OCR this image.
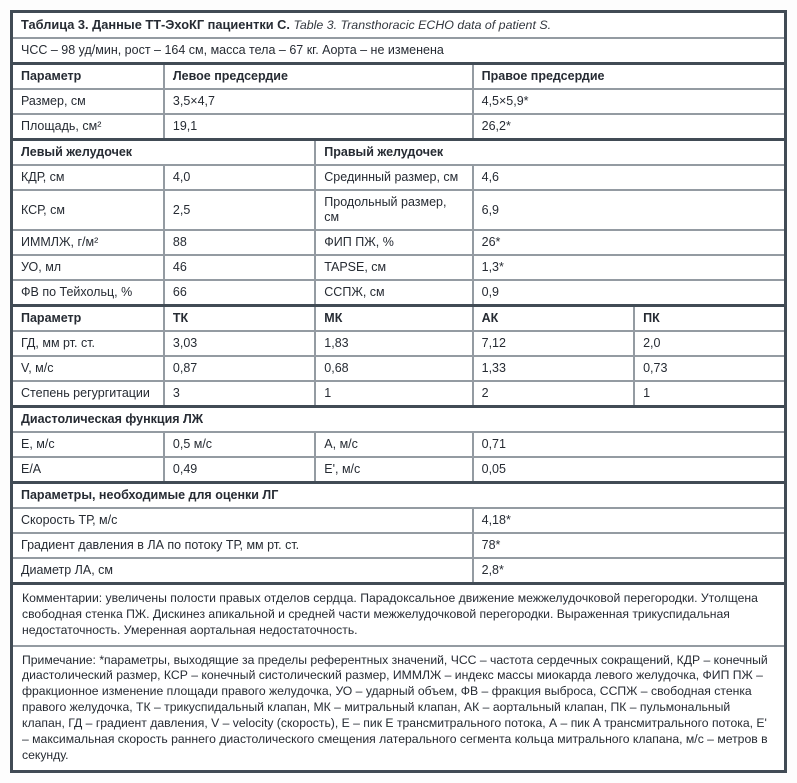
Таблица 3. Данные ТТ-ЭхоКГ пациентки С. Table 3. Transthoracic ECHO data of patient S.				
ЧСС – 98 уд/мин, рост – 164 см, масса тела – 67 кг. Аорта – не изменена				
Параметр	Левое предсердие		Правое предсердие	
Размер, см	3,5×4,7		4,5×5,9*	
Площадь, см²	19,1		26,2*	
Левый желудочек		Правый желудочек		
КДР, см	4,0	Срединный размер, см	4,6	
КСР, см	2,5	Продольный размер, см	6,9	
ИММЛЖ, г/м²	88	ФИП ПЖ, %	26*	
УО, мл	46	TAPSE, см	1,3*	
ФВ по Тейхольц, %	66	ССПЖ, см	0,9	
Параметр	ТК	МК	АК	ПК
ГД, мм рт. ст.	3,03	1,83	7,12	2,0
V, м/с	0,87	0,68	1,33	0,73
Степень регургитации	3	1	2	1
Диастолическая функция ЛЖ				
Е, м/с	0,5 м/с	А, м/с	0,71	
Е/А	0,49	Е', м/с	0,05	
Параметры, необходимые для оценки ЛГ				
Скорость ТР, м/с			4,18*	
Градиент давления в ЛА по потоку ТР, мм рт. ст.			78*	
Диаметр ЛА, см			2,8*	
Комментарии: увеличены полости правых отделов сердца. Парадоксальное движение межжелудочковой перегородки. Утолщена свободная стенка ПЖ. Дискинез апикальной и средней части межжелудочковой перегородки. Выраженная трикуспидальная недостаточность. Умеренная аортальная недостаточность.				
Примечание: *параметры, выходящие за пределы референтных значений, ЧСС – частота сердечных сокращений, КДР – конечный диастолический размер, КСР – конечный систолический размер, ИММЛЖ – индекс массы миокарда левого желудочка, ФИП ПЖ – фракционное изменение площади правого желудочка, УО – ударный объем, ФВ – фракция выброса, ССПЖ – свободная стенка правого желудочка, ТК – трикуспидальный клапан, МК – митральный клапан, АК – аортальный клапан, ПК – пульмональный клапан, ГД – градиент давления, V – velocity (скорость), Е – пик Е трансмитрального потока, А – пик А трансмитрального потока, Е' – максимальная скорость раннего диастолического смещения латерального сегмента кольца митрального клапана, м/с – метров в секунду.				
